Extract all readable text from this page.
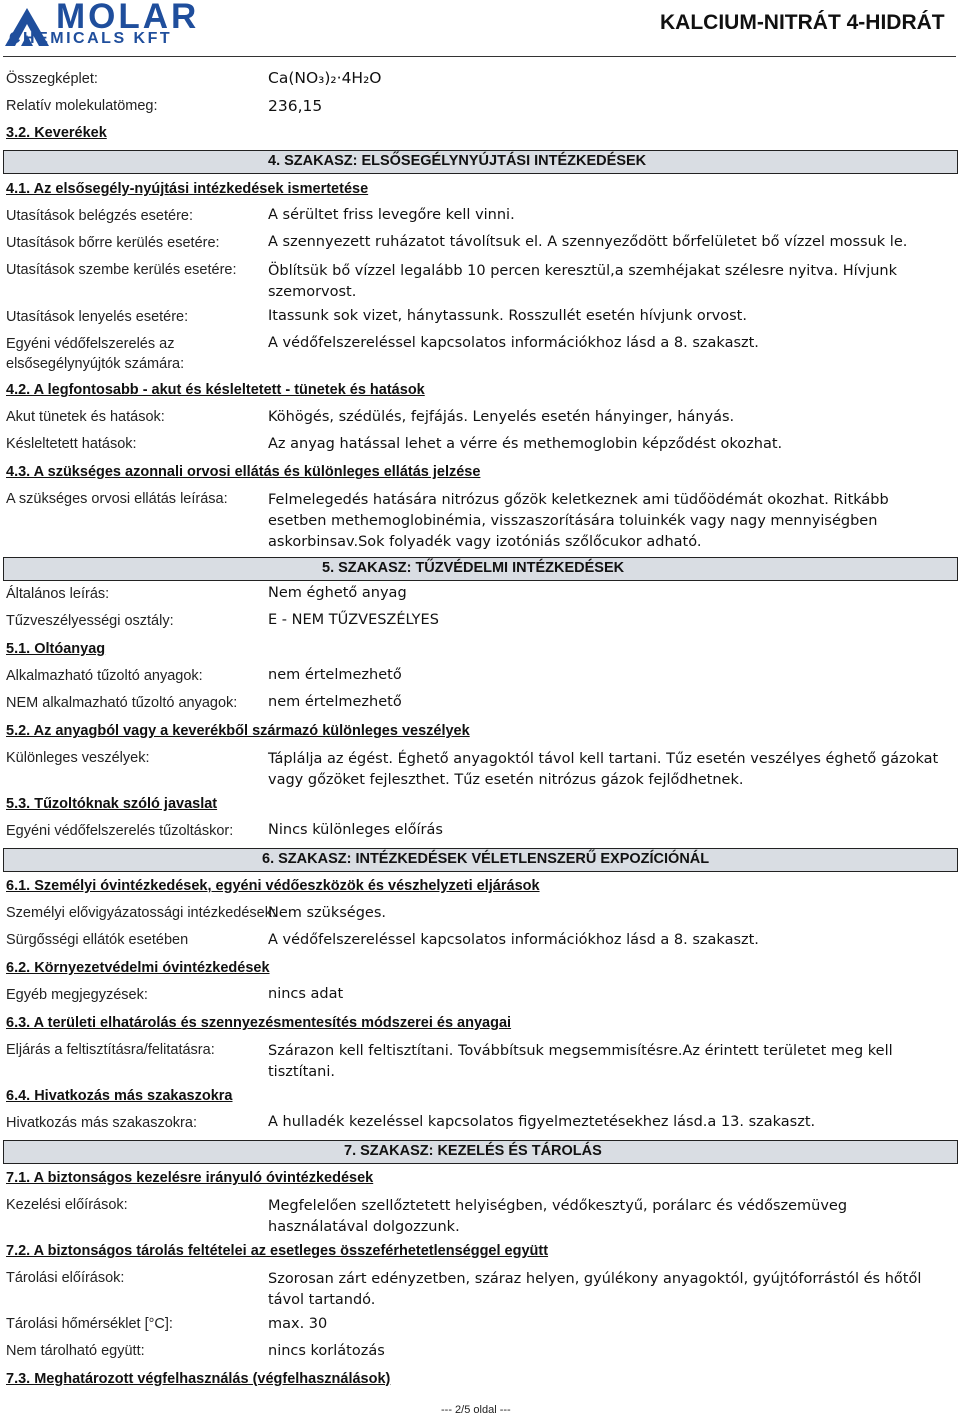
MOLAR
CHEMICALS KFT
KALCIUM-NITRÁT 4-HIDRÁT
Összegképlet:	Ca(NO₃)₂·4H₂O
Relatív molekulatömeg:	236,15
3.2. Keverékek
4. SZAKASZ: ELSŐSEGÉLYNYÚJTÁSI INTÉZKEDÉSEK
4.1. Az elsősegély-nyújtási intézkedések ismertetése
Utasítások belégzés esetére:	A sérültet friss levegőre kell vinni.
Utasítások bőrre kerülés esetére:	A szennyezett ruházatot távolítsuk el. A szennyeződött bőrfelületet bő vízzel mossuk le.
Utasítások szembe kerülés esetére: Öblítsük bő vízzel legalább 10 percen keresztül,a szemhéjakat szélesre nyitva. Hívjunk szemorvost.
Utasítások lenyelés esetére:	Itassunk sok vizet, hánytassunk. Rosszullét esetén hívjunk orvost.
Egyéni védőfelszerelés az
elsősegélynyújtók számára:
A védőfelszereléssel kapcsolatos információkhoz lásd a 8. szakaszt.
4.2. A legfontosabb - akut és késleltetett - tünetek és hatások
Akut tünetek és hatások:	Köhögés, szédülés, fejfájás. Lenyelés esetén hányinger, hányás.
Késleltetett hatások:	Az anyag hatással lehet a vérre és methemoglobin képződést okozhat.
4.3. A szükséges azonnali orvosi ellátás és különleges ellátás jelzése
A szükséges orvosi ellátás leírása:	Felmelegedés hatására nitrózus gőzök keletkeznek ami tüdőödémát okozhat. Ritkább esetben methemoglobinémia, visszaszorítására toluinkék vagy nagy mennyiségben askorbinsav.Sok folyadék vagy izotóniás szőlőcukor adható.
5. SZAKASZ: TŰZVÉDELMI INTÉZKEDÉSEK
Általános leírás:	Nem éghető anyag
Tűzveszélyességi osztály:	E - NEM TŰZVESZÉLYES
5.1. Oltóanyag
Alkalmazható tűzoltó anyagok:	nem értelmezhető
NEM alkalmazható tűzoltó anyagok: nem értelmezhető
5.2. Az anyagból vagy a keverékből származó különleges veszélyek
Különleges veszélyek:	Táplálja az égést. Éghető anyagoktól távol kell tartani. Tűz esetén veszélyes éghető gázokat vagy gőzöket fejleszthet. Tűz esetén nitrózus gázok fejlődhetnek.
5.3. Tűzoltóknak szóló javaslat
Egyéni védőfelszerelés tűzoltáskor: Nincs különleges előírás
6. SZAKASZ: INTÉZKEDÉSEK VÉLETLENSZERŰ EXPOZÍCIÓNÁL
6.1. Személyi óvintézkedések, egyéni védőeszközök és vészhelyzeti eljárások
Személyi elővigyázatossági intézkedések:
Nem szükséges.
Sürgősségi ellátók esetében	A védőfelszereléssel kapcsolatos információkhoz lásd a 8. szakaszt.
6.2. Környezetvédelmi óvintézkedések
Egyéb megjegyzések:	nincs adat
6.3. A területi elhatárolás és szennyezésmentesítés módszerei és anyagai
Eljárás a feltisztításra/felitatásra:	Szárazon kell feltisztítani. Továbbítsuk megsemmisítésre.Az érintett területet meg kell tisztítani.
6.4. Hivatkozás más szakaszokra
Hivatkozás más szakaszokra:	A hulladék kezeléssel kapcsolatos figyelmeztetésekhez lásd.a 13. szakaszt.
7. SZAKASZ: KEZELÉS ÉS TÁROLÁS
7.1. A biztonságos kezelésre irányuló óvintézkedések
Kezelési előírások:	Megfelelően szellőztetett helyiségben, védőkesztyű, porálarc és védőszemüveg használatával dolgozzunk.
7.2. A biztonságos tárolás feltételei az esetleges összeférhetetlenséggel együtt
Tárolási előírások:	Szorosan zárt edényzetben, száraz helyen, gyúlékony anyagoktól, gyújtóforrástól és hőtől távol tartandó.
Tárolási hőmérséklet [°C]:	max. 30
Nem tárolható együtt:	nincs korlátozás
7.3. Meghatározott végfelhasználás (végfelhasználások)
--- 2/5 oldal ---
